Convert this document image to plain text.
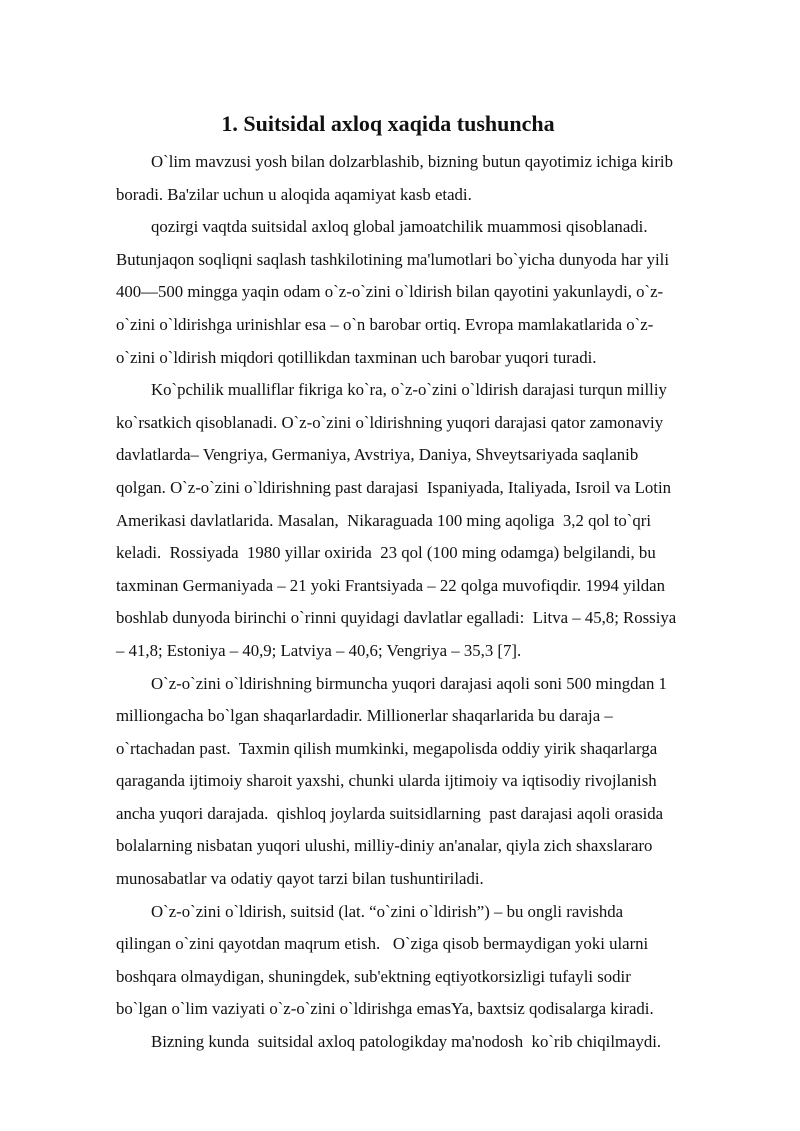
1. Suitsidal axloq xaqida tushuncha
O`lim mavzusi yosh bilan dolzarblashib, bizning butun qayotimiz ichiga kirib
boradi. Ba'zilar uchun u aloqida aqamiyat kasb etadi.
qozirgi vaqtda suitsidal axloq global jamoatchilik muammosi qisoblanadi.
Butunjaqon soqliqni saqlash tashkilotining ma'lumotlari bo`yicha dunyoda har yili
400—500 mingga yaqin odam o`z-o`zini o`ldirish bilan qayotini yakunlaydi, o`z-
o`zini o`ldirishga urinishlar esa – o`n barobar ortiq. Evropa mamlakatlarida o`z-
o`zini o`ldirish miqdori qotillikdan taxminan uch barobar yuqori turadi.
Ko`pchilik mualliflar fikriga ko`ra, o`z-o`zini o`ldirish darajasi turqun milliy
ko`rsatkich qisoblanadi. O`z-o`zini o`ldirishning yuqori darajasi qator zamonaviy
davlatlarda– Vengriya, Germaniya, Avstriya, Daniya, Shveytsariyada saqlanib
qolgan. O`z-o`zini o`ldirishning past darajasi  Ispaniyada, Italiyada, Isroil va Lotin
Amerikasi davlatlarida. Masalan,  Nikaraguada 100 ming aqoliga  3,2 qol to`qri
keladi.  Rossiyada  1980 yillar oxirida  23 qol (100 ming odamga) belgilandi, bu
taxminan Germaniyada – 21 yoki Frantsiyada – 22 qolga muvofiqdir. 1994 yildan
boshlab dunyoda birinchi o`rinni quyidagi davlatlar egalladi:  Litva – 45,8; Rossiya
– 41,8; Estoniya – 40,9; Latviya – 40,6; Vengriya – 35,3 [7].
O`z-o`zini o`ldirishning birmuncha yuqori darajasi aqoli soni 500 mingdan 1
milliongacha bo`lgan shaqarlardadir. Millionerlar shaqarlarida bu daraja –
o`rtachadan past.  Taxmin qilish mumkinki, megapolisda oddiy yirik shaqarlarga
qaraganda ijtimoiy sharoit yaxshi, chunki ularda ijtimoiy va iqtisodiy rivojlanish
ancha yuqori darajada.  qishloq joylarda suitsidlarning  past darajasi aqoli orasida
bolalarning nisbatan yuqori ulushi, milliy-diniy an'analar, qiyla zich shaxslararo
munosabatlar va odatiy qayot tarzi bilan tushuntiriladi.
O`z-o`zini o`ldirish, suitsid (lat. “o`zini o`ldirish”) – bu ongli ravishda
qilingan o`zini qayotdan maqrum etish.   O`ziga qisob bermaydigan yoki ularni
boshqara olmaydigan, shuningdek, sub'ektning eqtiyotkorsizligi tufayli sodir
bo`lgan o`lim vaziyati o`z-o`zini o`ldirishga emasYa, baxtsiz qodisalarga kiradi.
Bizning kunda  suitsidal axloq patologikday ma'nodosh  ko`rib chiqilmaydi.
